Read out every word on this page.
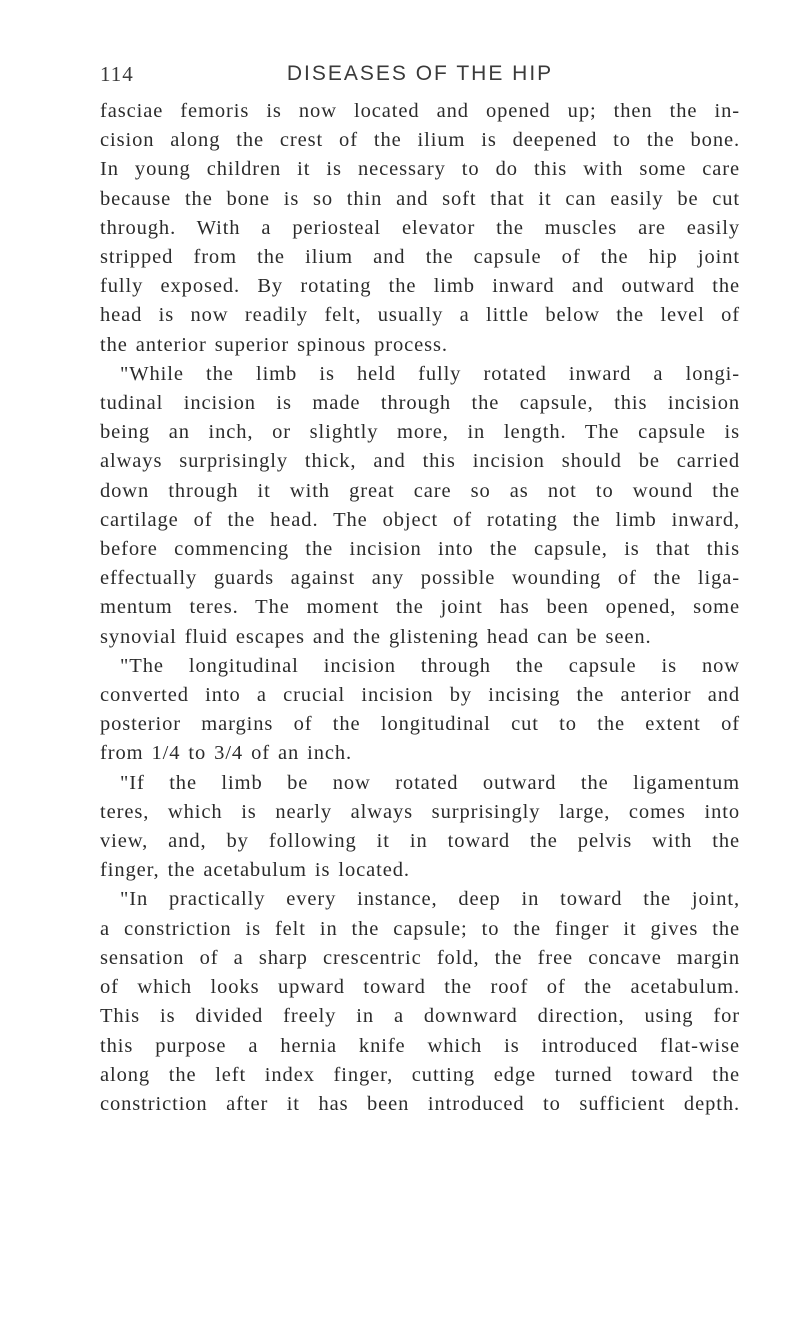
114	DISEASES OF THE HIP

fasciae femoris is now located and opened up; then the in-
cision along the crest of the ilium is deepened to the bone.
In young children it is necessary to do this with some care
because the bone is so thin and soft that it can easily be cut
through. With a periosteal elevator the muscles are easily
stripped from the ilium and the capsule of the hip joint
fully exposed. By rotating the limb inward and outward the
head is now readily felt, usually a little below the level of
the anterior superior spinous process.

"While the limb is held fully rotated inward a longi-
tudinal incision is made through the capsule, this incision
being an inch, or slightly more, in length. The capsule is
always surprisingly thick, and this incision should be carried
down through it with great care so as not to wound the
cartilage of the head. The object of rotating the limb inward,
before commencing the incision into the capsule, is that this
effectually guards against any possible wounding of the liga-
mentum teres. The moment the joint has been opened, some
synovial fluid escapes and the glistening head can be seen.

"The longitudinal incision through the capsule is now
converted into a crucial incision by incising the anterior and
posterior margins of the longitudinal cut to the extent of
from 1/4 to 3/4 of an inch.

"If the limb be now rotated outward the ligamentum
teres, which is nearly always surprisingly large, comes into
view, and, by following it in toward the pelvis with the
finger, the acetabulum is located.

"In practically every instance, deep in toward the joint,
a constriction is felt in the capsule; to the finger it gives the
sensation of a sharp crescentric fold, the free concave margin
of which looks upward toward the roof of the acetabulum.
This is divided freely in a downward direction, using for
this purpose a hernia knife which is introduced flat-wise
along the left index finger, cutting edge turned toward the
constriction after it has been introduced to sufficient depth.
